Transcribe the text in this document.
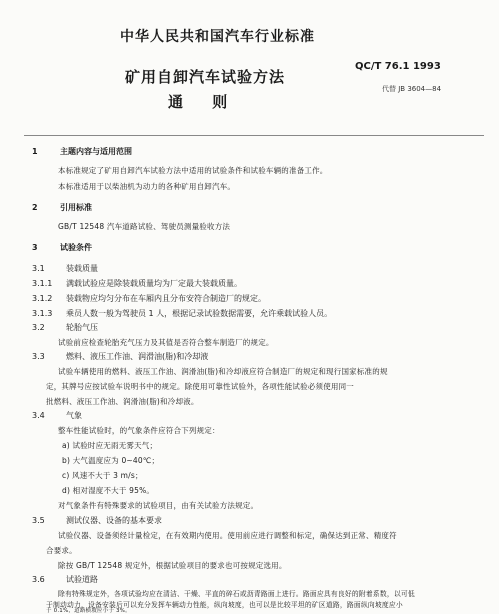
中华人民共和国汽车行业标准
QC/T 76.1 1993
矿用自卸汽车试验方法
代替 JB 3604—84
通 则
1	主题内容与适用范围
本标准规定了矿用自卸汽车试验方法中适用的试验条件和试验车辆的准备工作。
本标准适用于以柴油机为动力的各种矿用自卸汽车。
2	引用标准
GB/T 12548 汽车道路试验、驾驶员测量验收方法
3	试验条件
3.1	装载质量
3.1.1 满载试验应是除装载质量均为厂定最大装载质量。
3.1.2 装载物应均匀分布在车厢内且分布安符合制造厂的规定。
3.1.3 乘员人数一般为驾驶员 1 人，根据记录试验数据需要，允许乘载试验人员。
3.2	轮胎气压
试验前应检查轮胎充气压力及其值是否符合整车制造厂的规定。
3.3	燃料、液压工作油、润滑油(脂)和冷却液
试验车辆使用的燃料、液压工作油、润滑油(脂)和冷却液应符合制造厂的规定和现行国家标准的规
定，其牌号应按试验车说明书中的规定。除使用可靠性试验外，各项性能试验必须使用同一
批燃料、液压工作油、润滑油(脂)和冷却液。
3.4	气象
整车性能试验时，的气象条件应符合下列规定：
a) 试验时应无雨无雾天气；
b) 大气温度应为 0~40℃；
c) 风速不大于 3 m/s；
d) 相对湿度不大于 95%。
对气象条件有特殊要求的试验项目，由有关试验方法规定。
3.5	测试仪器、设备的基本要求
试验仪器、设备须经计量检定，在有效期内使用。使用前应进行调整和标定，确保达到正常、精度符
合要求。
除按 GB/T 12548 规定外，根据试验项目的要求也可按规定选用。
3.6	试验道路
除有特殊规定外，各项试验均应在清洁、干燥、平直的碎石或沥青路面上进行。路面应具有良好的附着系数，以可低
于制动动力，设备安装后可以充分发挥车辆动力性能，纵向坡度，也可以是比较平坦的矿区道路，路面纵向坡度应小
于 0.1%，道路横坡应小于 3%。
